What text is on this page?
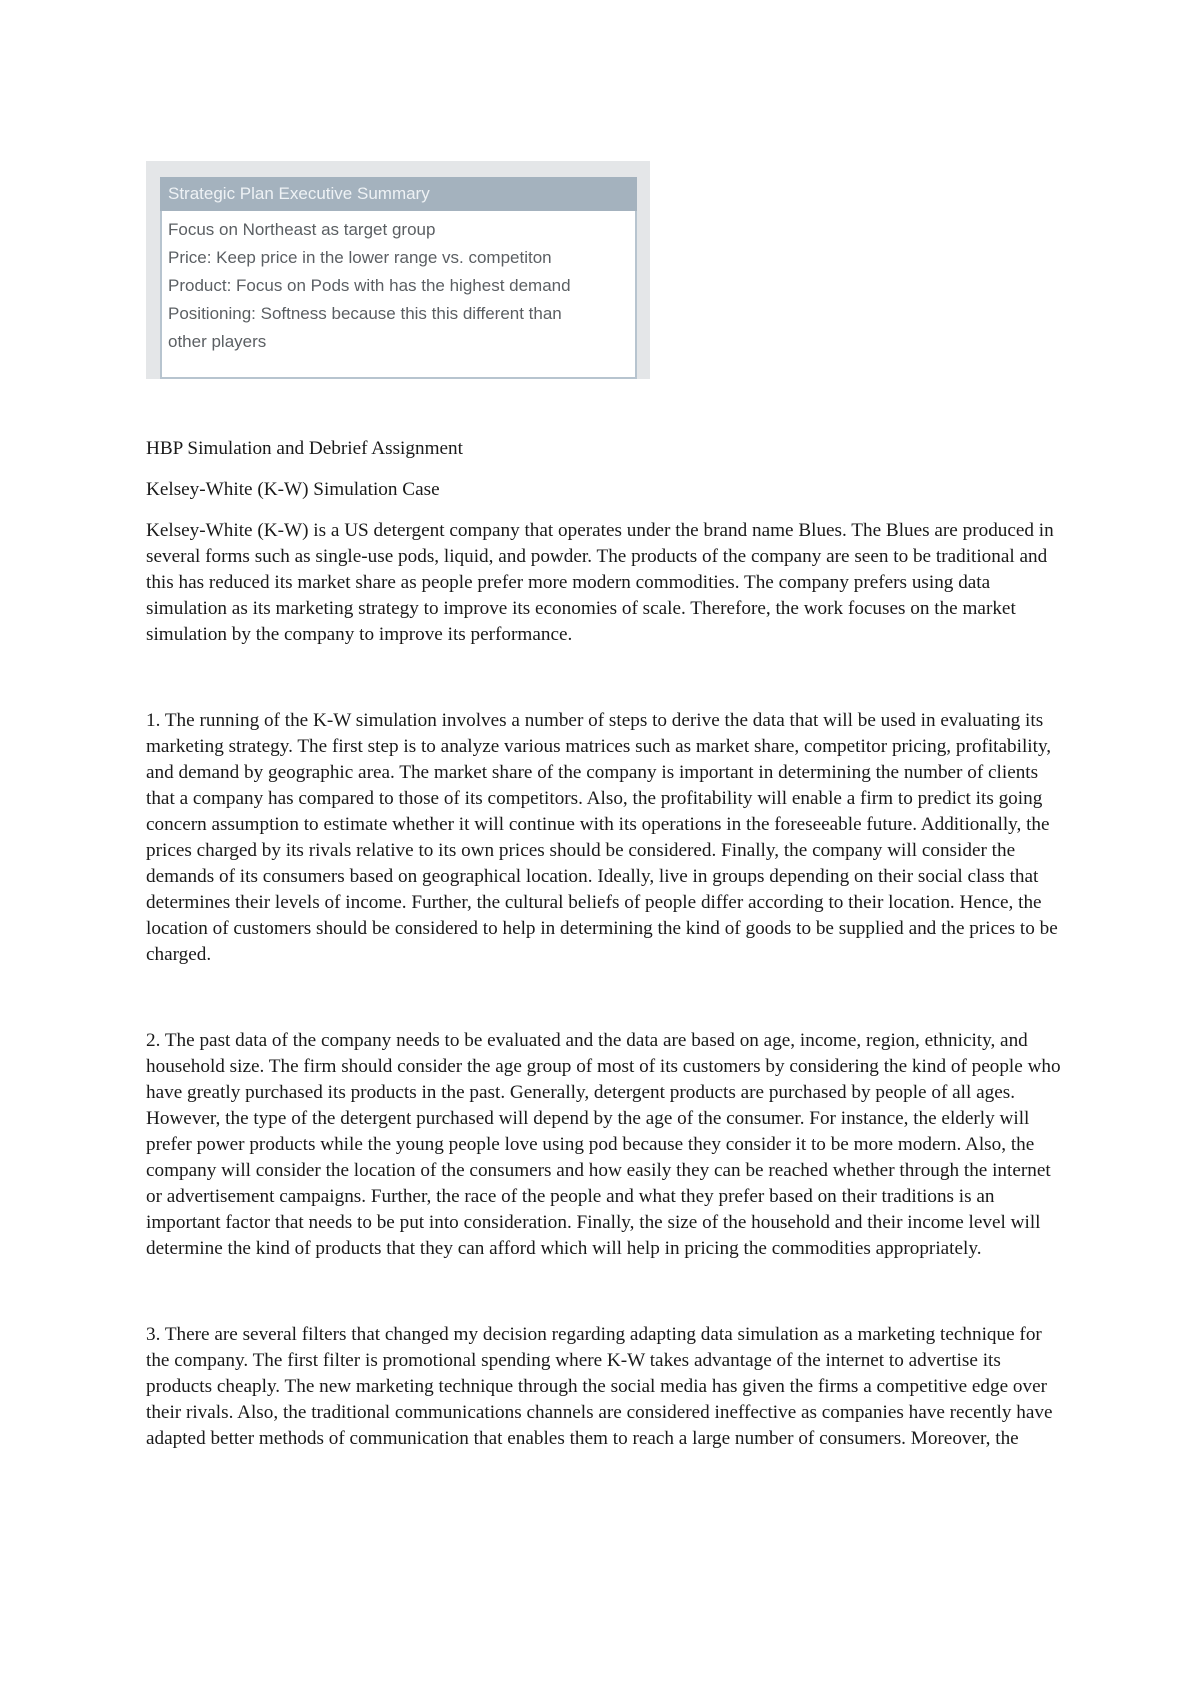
Strategic Plan Executive Summary
Focus on Northeast as target group
Price: Keep price in the lower range vs. competiton
Product: Focus on Pods with has the highest demand
Positioning: Softness because this this different than
other players

HBP Simulation and Debrief Assignment

Kelsey-White (K-W) Simulation Case

Kelsey-White (K-W) is a US detergent company that operates under the brand name Blues. The Blues are produced in several forms such as single-use pods, liquid, and powder. The products of the company are seen to be traditional and this has reduced its market share as people prefer more modern commodities. The company prefers using data simulation as its marketing strategy to improve its economies of scale. Therefore, the work focuses on the market simulation by the company to improve its performance.

1. The running of the K-W simulation involves a number of steps to derive the data that will be used in evaluating its marketing strategy. The first step is to analyze various matrices such as market share, competitor pricing, profitability, and demand by geographic area. The market share of the company is important in determining the number of clients that a company has compared to those of its competitors. Also, the profitability will enable a firm to predict its going concern assumption to estimate whether it will continue with its operations in the foreseeable future. Additionally, the prices charged by its rivals relative to its own prices should be considered. Finally, the company will consider the demands of its consumers based on geographical location. Ideally, live in groups depending on their social class that determines their levels of income. Further, the cultural beliefs of people differ according to their location. Hence, the location of customers should be considered to help in determining the kind of goods to be supplied and the prices to be charged.

2. The past data of the company needs to be evaluated and the data are based on age, income, region, ethnicity, and household size. The firm should consider the age group of most of its customers by considering the kind of people who have greatly purchased its products in the past. Generally, detergent products are purchased by people of all ages. However, the type of the detergent purchased will depend by the age of the consumer. For instance, the elderly will prefer power products while the young people love using pod because they consider it to be more modern. Also, the company will consider the location of the consumers and how easily they can be reached whether through the internet or advertisement campaigns. Further, the race of the people and what they prefer based on their traditions is an important factor that needs to be put into consideration. Finally, the size of the household and their income level will determine the kind of products that they can afford which will help in pricing the commodities appropriately.

3. There are several filters that changed my decision regarding adapting data simulation as a marketing technique for the company. The first filter is promotional spending where K-W takes advantage of the internet to advertise its products cheaply. The new marketing technique through the social media has given the firms a competitive edge over their rivals. Also, the traditional communications channels are considered ineffective as companies have recently have adapted better methods of communication that enables them to reach a large number of consumers. Moreover, the
